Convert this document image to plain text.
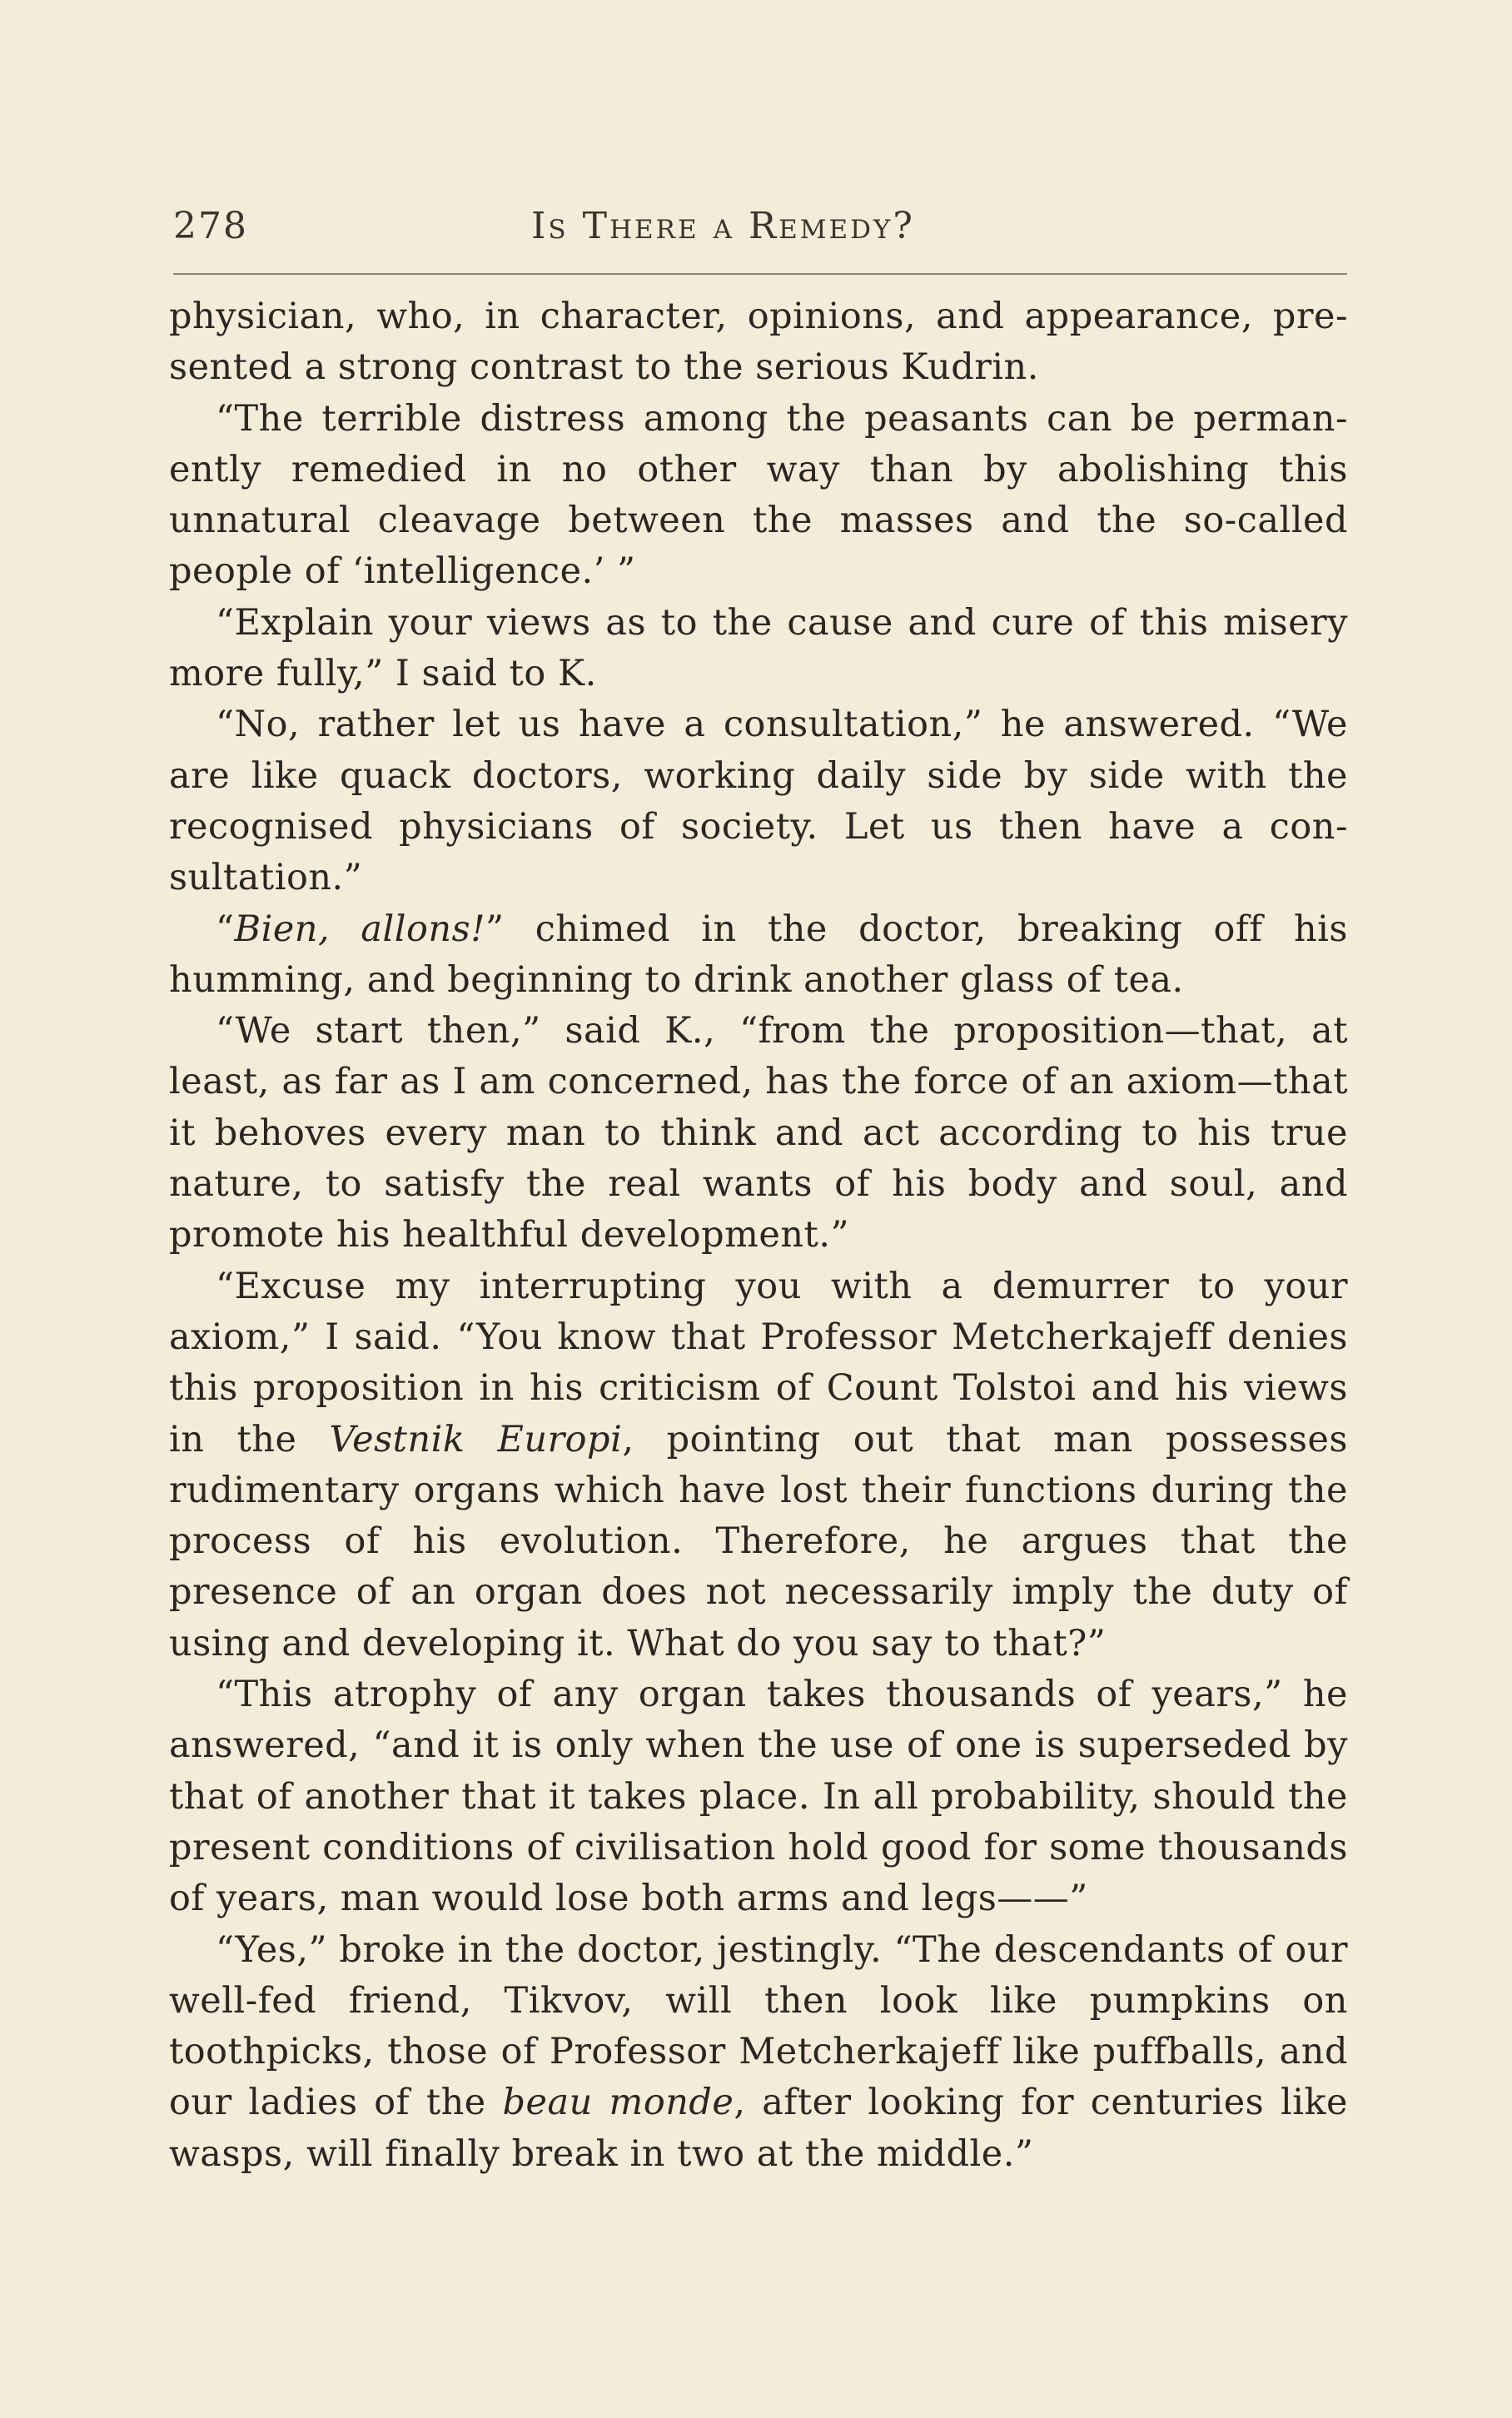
278	Is There a Remedy?

physician, who, in character, opinions, and appearance, pre-sented a strong contrast to the serious Kudrin.

“The terrible distress among the peasants can be perman-ently remedied in no other way than by abolishing this unnatural cleavage between the masses and the so-called people of ‘intelligence.’ ”

“Explain your views as to the cause and cure of this misery more fully,” I said to K.

“No, rather let us have a consultation,” he answered. “We are like quack doctors, working daily side by side with the recognised physicians of society. Let us then have a con-sultation.”

“Bien, allons!” chimed in the doctor, breaking off his humming, and beginning to drink another glass of tea.

“We start then,” said K., “from the proposition—that, at least, as far as I am concerned, has the force of an axiom—that it behoves every man to think and act according to his true nature, to satisfy the real wants of his body and soul, and promote his healthful development.”

“Excuse my interrupting you with a demurrer to your axiom,” I said. “You know that Professor Metcherkajeff denies this proposition in his criticism of Count Tolstoi and his views in the Vestnik Europi, pointing out that man possesses rudimentary organs which have lost their functions during the process of his evolution. Therefore, he argues that the presence of an organ does not necessarily imply the duty of using and developing it. What do you say to that?”

“This atrophy of any organ takes thousands of years,” he answered, “and it is only when the use of one is superseded by that of another that it takes place. In all probability, should the present conditions of civilisation hold good for some thousands of years, man would lose both arms and legs——”

“Yes,” broke in the doctor, jestingly. “The descendants of our well-fed friend, Tikvov, will then look like pumpkins on toothpicks, those of Professor Metcherkajeff like puffballs, and our ladies of the beau monde, after looking for centuries like wasps, will finally break in two at the middle.”
